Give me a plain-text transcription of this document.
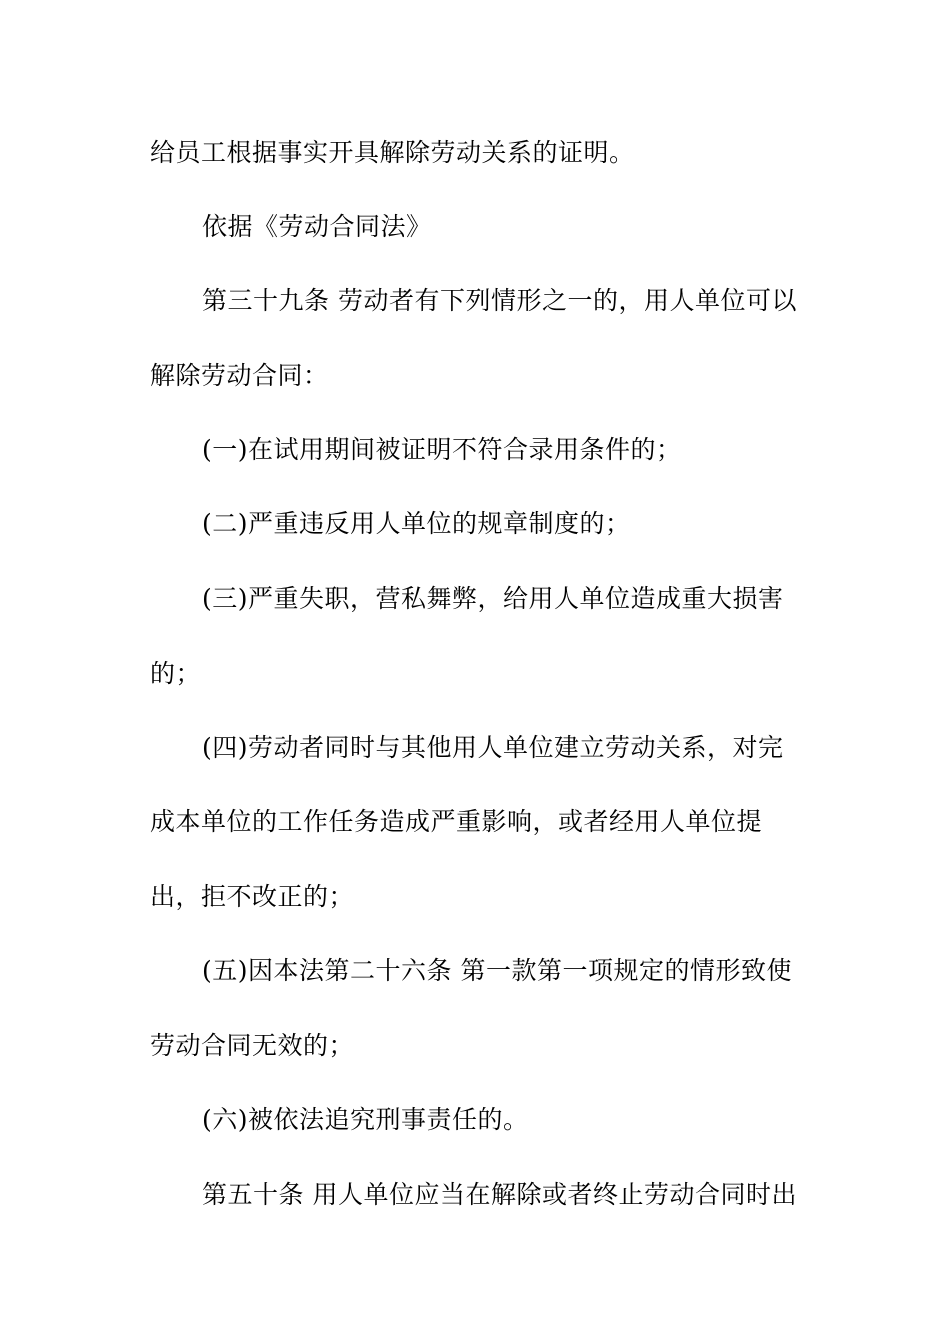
给员工根据事实开具解除劳动关系的证明。
依据《劳动合同法》
第三十九条 劳动者有下列情形之一的，用人单位可以
解除劳动合同：
(一)在试用期间被证明不符合录用条件的；
(二)严重违反用人单位的规章制度的；
(三)严重失职，营私舞弊，给用人单位造成重大损害
的；
(四)劳动者同时与其他用人单位建立劳动关系，对完
成本单位的工作任务造成严重影响，或者经用人单位提
出，拒不改正的；
(五)因本法第二十六条 第一款第一项规定的情形致使
劳动合同无效的；
(六)被依法追究刑事责任的。
第五十条 用人单位应当在解除或者终止劳动合同时出
